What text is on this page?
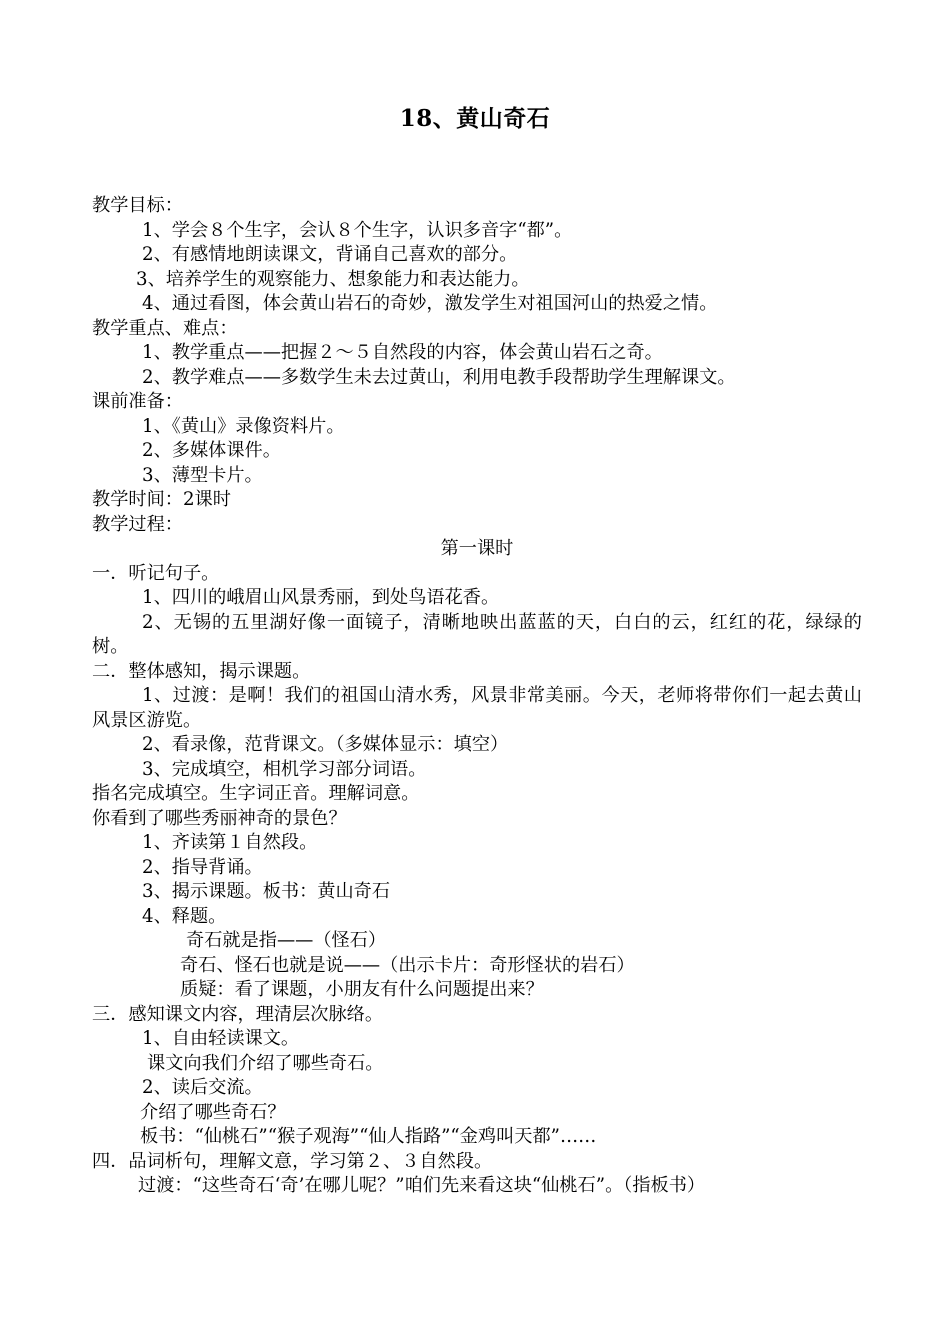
18、黄山奇石
教学目标：
1、学会８个生字，会认８个生字，认识多音字“都”。
2、有感情地朗读课文，背诵自己喜欢的部分。
3、培养学生的观察能力、想象能力和表达能力。
4、通过看图，体会黄山岩石的奇妙，激发学生对祖国河山的热爱之情。
教学重点、难点：
1、教学重点——把握２～５自然段的内容，体会黄山岩石之奇。
2、教学难点——多数学生未去过黄山，利用电教手段帮助学生理解课文。
课前准备：
1、《黄山》录像资料片。
2、多媒体课件。
3、薄型卡片。
教学时间：2课时
教学过程：
第一课时
一．听记句子。
1、四川的峨眉山风景秀丽，到处鸟语花香。
2、无锡的五里湖好像一面镜子，清晰地映出蓝蓝的天，白白的云，红红的花，绿绿的树。
二．整体感知，揭示课题。
1、过渡：是啊！我们的祖国山清水秀，风景非常美丽。今天，老师将带你们一起去黄山风景区游览。
2、看录像，范背课文。（多媒体显示：填空）
3、完成填空，相机学习部分词语。
指名完成填空。生字词正音。理解词意。
你看到了哪些秀丽神奇的景色？
1、齐读第１自然段。
2、指导背诵。
3、揭示课题。板书：黄山奇石
4、释题。
奇石就是指——（怪石）
奇石、怪石也就是说——（出示卡片：奇形怪状的岩石）
质疑：看了课题，小朋友有什么问题提出来？
三．感知课文内容，理清层次脉络。
1、自由轻读课文。
课文向我们介绍了哪些奇石。
2、读后交流。
介绍了哪些奇石？
板书：“仙桃石”“猴子观海”“仙人指路”“金鸡叫天都”……
四．品词析句，理解文意，学习第２、３自然段。
过渡：“这些奇石‘奇’在哪儿呢？”咱们先来看这块“仙桃石”。（指板书）
